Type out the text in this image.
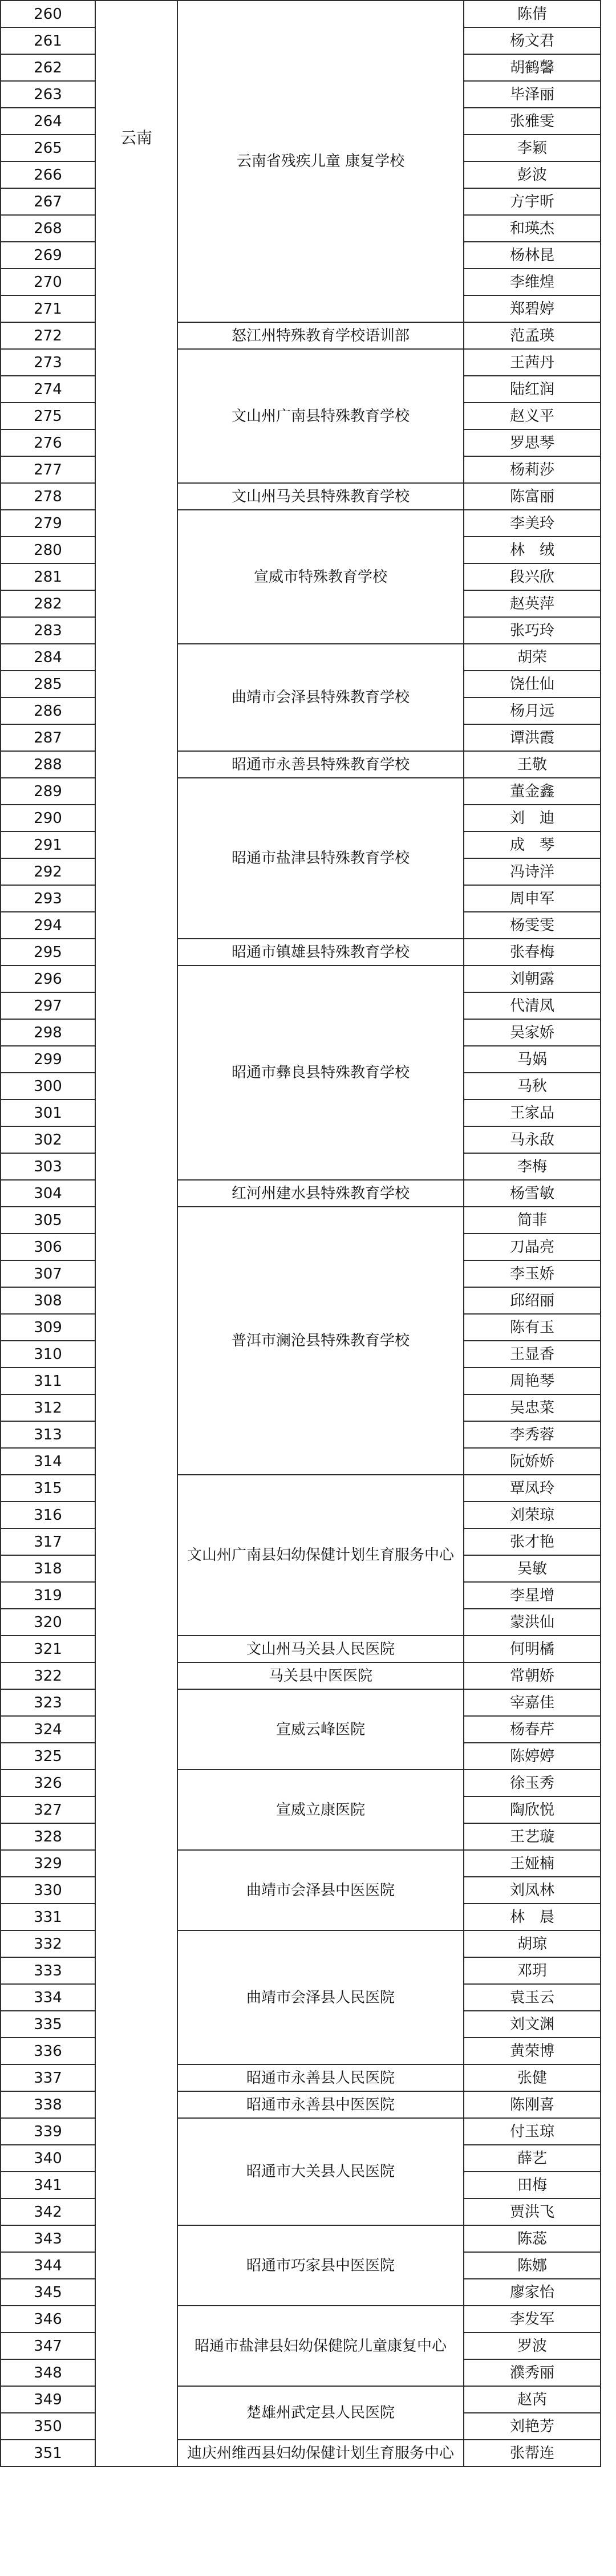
260	云南	云南省残疾儿童 康复学校	陈倩
261			杨文君
262			胡鹤馨
263			毕泽丽
264			张雅雯
265			李颖
266			彭波
267			方宇昕
268			和瑛杰
269			杨林昆
270			李维煌
271			郑碧婷
272		怒江州特殊教育学校语训部	范孟瑛
273		文山州广南县特殊教育学校	王茜丹
274			陆红润
275			赵义平
276			罗思琴
277			杨莉莎
278		文山州马关县特殊教育学校	陈富丽
279		宣威市特殊教育学校	李美玲
280			林　绒
281			段兴欣
282			赵英萍
283			张巧玲
284		曲靖市会泽县特殊教育学校	胡荣
285			饶仕仙
286			杨月远
287			谭洪霞
288		昭通市永善县特殊教育学校	王敬
289		昭通市盐津县特殊教育学校	董金鑫
290			刘　迪
291			成　琴
292			冯诗洋
293			周申军
294			杨雯雯
295		昭通市镇雄县特殊教育学校	张春梅
296		昭通市彝良县特殊教育学校	刘朝露
297			代清凤
298			吴家娇
299			马娲
300			马秋
301			王家品
302			马永敌
303			李梅
304		红河州建水县特殊教育学校	杨雪敏
305		普洱市澜沧县特殊教育学校	简菲
306			刀晶亮
307			李玉娇
308			邱绍丽
309			陈有玉
310			王显香
311			周艳琴
312			吴忠菜
313			李秀蓉
314			阮娇娇
315		文山州广南县妇幼保健计划生育服务中心	覃凤玲
316			刘荣琼
317			张才艳
318			吴敏
319			李星增
320			蒙洪仙
321		文山州马关县人民医院	何明橘
322		马关县中医医院	常朝娇
323		宣威云峰医院	宰嘉佳
324			杨春芹
325			陈婷婷
326		宣威立康医院	徐玉秀
327			陶欣悦
328			王艺璇
329		曲靖市会泽县中医医院	王娅楠
330			刘凤林
331			林　晨
332		曲靖市会泽县人民医院	胡琼
333			邓玥
334			袁玉云
335			刘文渊
336			黄荣博
337		昭通市永善县人民医院	张健
338		昭通市永善县中医医院	陈刚喜
339		昭通市大关县人民医院	付玉琼
340			薛艺
341			田梅
342			贾洪飞
343		昭通市巧家县中医医院	陈蕊
344			陈娜
345			廖家怡
346		昭通市盐津县妇幼保健院儿童康复中心	李发军
347			罗波
348			濮秀丽
349		楚雄州武定县人民医院	赵芮
350			刘艳芳
351		迪庆州维西县妇幼保健计划生育服务中心	张帮连
